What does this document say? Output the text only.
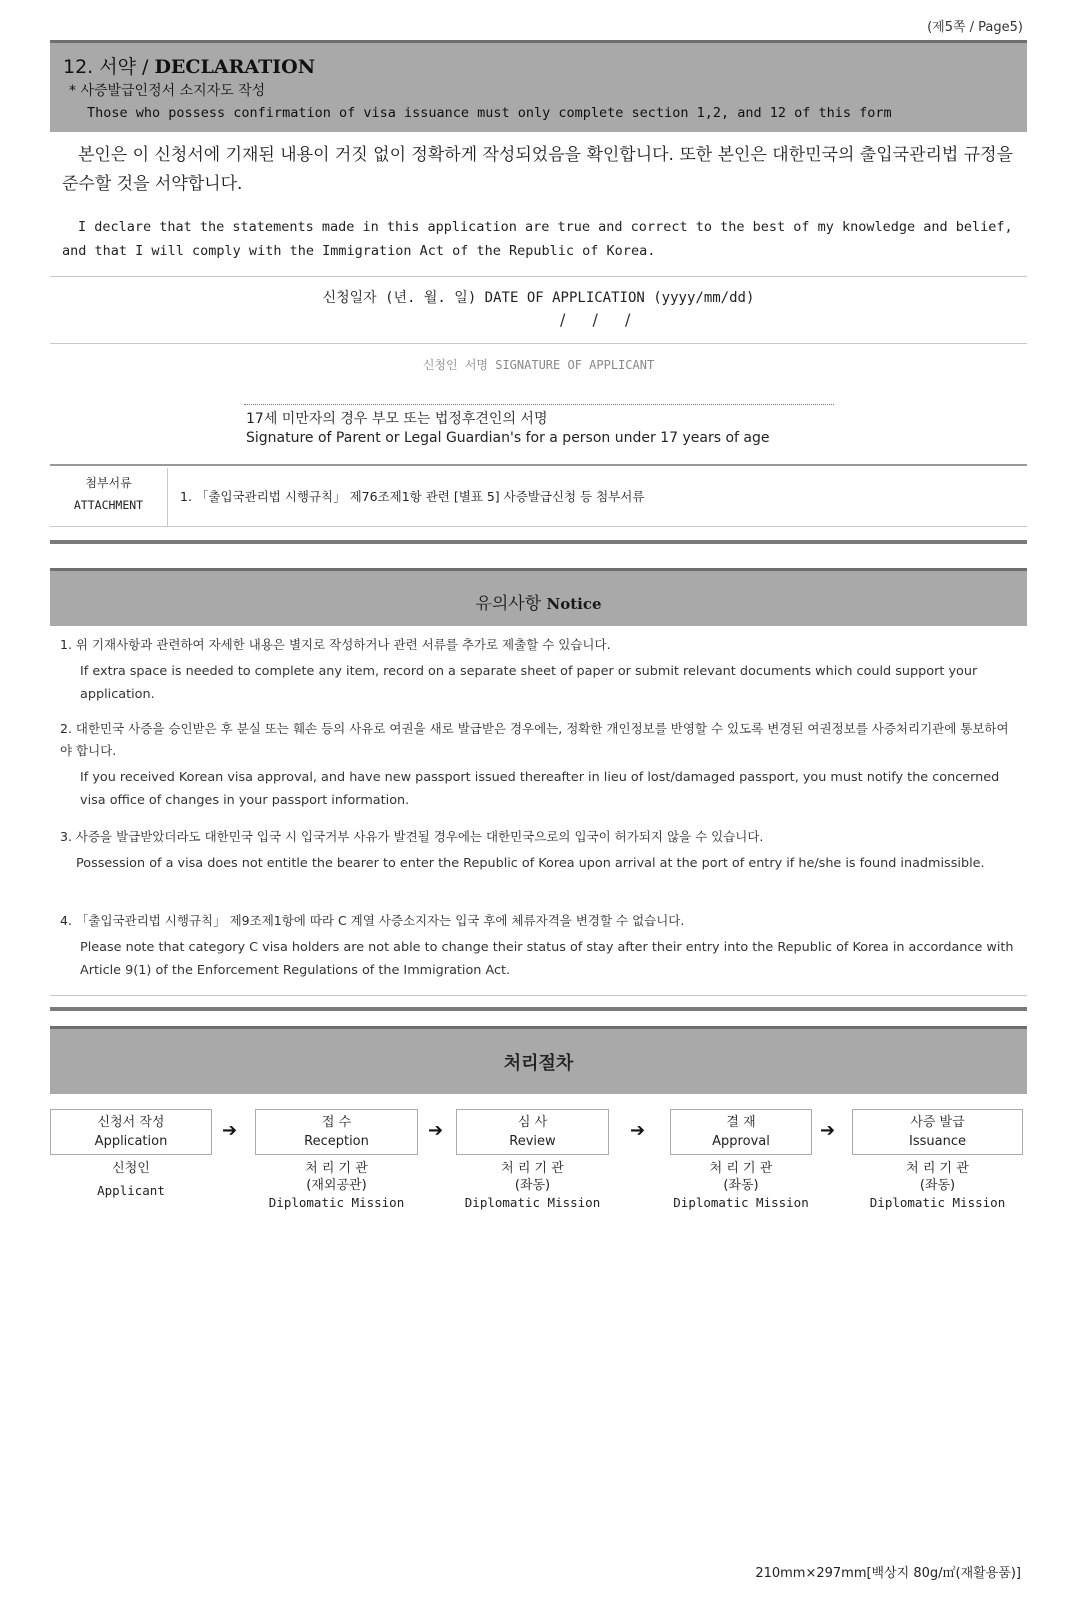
(제5쪽 / Page5)
12. 서약 / DECLARATION
* 사증발급인정서 소지자도 작성
Those who possess confirmation of visa issuance must only complete section 1,2, and 12 of this form
본인은 이 신청서에 기재된 내용이 거짓 없이 정확하게 작성되었음을 확인합니다. 또한 본인은 대한민국의 출입국관리법 규정을 준수할 것을 서약합니다.
I declare that the statements made in this application are true and correct to the best of my knowledge and belief, and that I will comply with the Immigration Act of the Republic of Korea.
신청일자 (년. 월. 일) DATE OF APPLICATION (yyyy/mm/dd)
/ / /
신청인 서명 SIGNATURE OF APPLICANT
17세 미만자의 경우 부모 또는 법정후견인의 서명
Signature of Parent or Legal Guardian's for a person under 17 years of age
첨부서류
ATTACHMENT
1. 「출입국관리법 시행규칙」 제76조제1항 관련 [별표 5] 사증발급신청 등 첨부서류
유의사항 Notice
1. 위 기재사항과 관련하여 자세한 내용은 별지로 작성하거나 관련 서류를 추가로 제출할 수 있습니다.
If extra space is needed to complete any item, record on a separate sheet of paper or submit relevant documents which could support your application.
2. 대한민국 사증을 승인받은 후 분실 또는 훼손 등의 사유로 여권을 새로 발급받은 경우에는, 정확한 개인정보를 반영할 수 있도록 변경된 여권정보를 사증처리기관에 통보하여야 합니다.
If you received Korean visa approval, and have new passport issued thereafter in lieu of lost/damaged passport, you must notify the concerned visa office of changes in your passport information.
3. 사증을 발급받았더라도 대한민국 입국 시 입국거부 사유가 발견될 경우에는 대한민국으로의 입국이 허가되지 않을 수 있습니다.
Possession of a visa does not entitle the bearer to enter the Republic of Korea upon arrival at the port of entry if he/she is found inadmissible.
4. 「출입국관리법 시행규칙」 제9조제1항에 따라 C 계열 사증소지자는 입국 후에 체류자격을 변경할 수 없습니다.
Please note that category C visa holders are not able to change their status of stay after their entry into the Republic of Korea in accordance with Article 9(1) of the Enforcement Regulations of the Immigration Act.
처리절차
신청서 작성
Application
➔	접 수
Reception
➔	심 사
Review
➔	결 재
Approval
➔	사증 발급
Issuance
신청인
Applicant
처 리 기 관
(재외공관)
Diplomatic Mission
처 리 기 관
(좌동)
Diplomatic Mission
처 리 기 관
(좌동)
Diplomatic Mission
처 리 기 관
(좌동)
Diplomatic Mission
210mm×297mm[백상지 80g/㎡(재활용품)]
